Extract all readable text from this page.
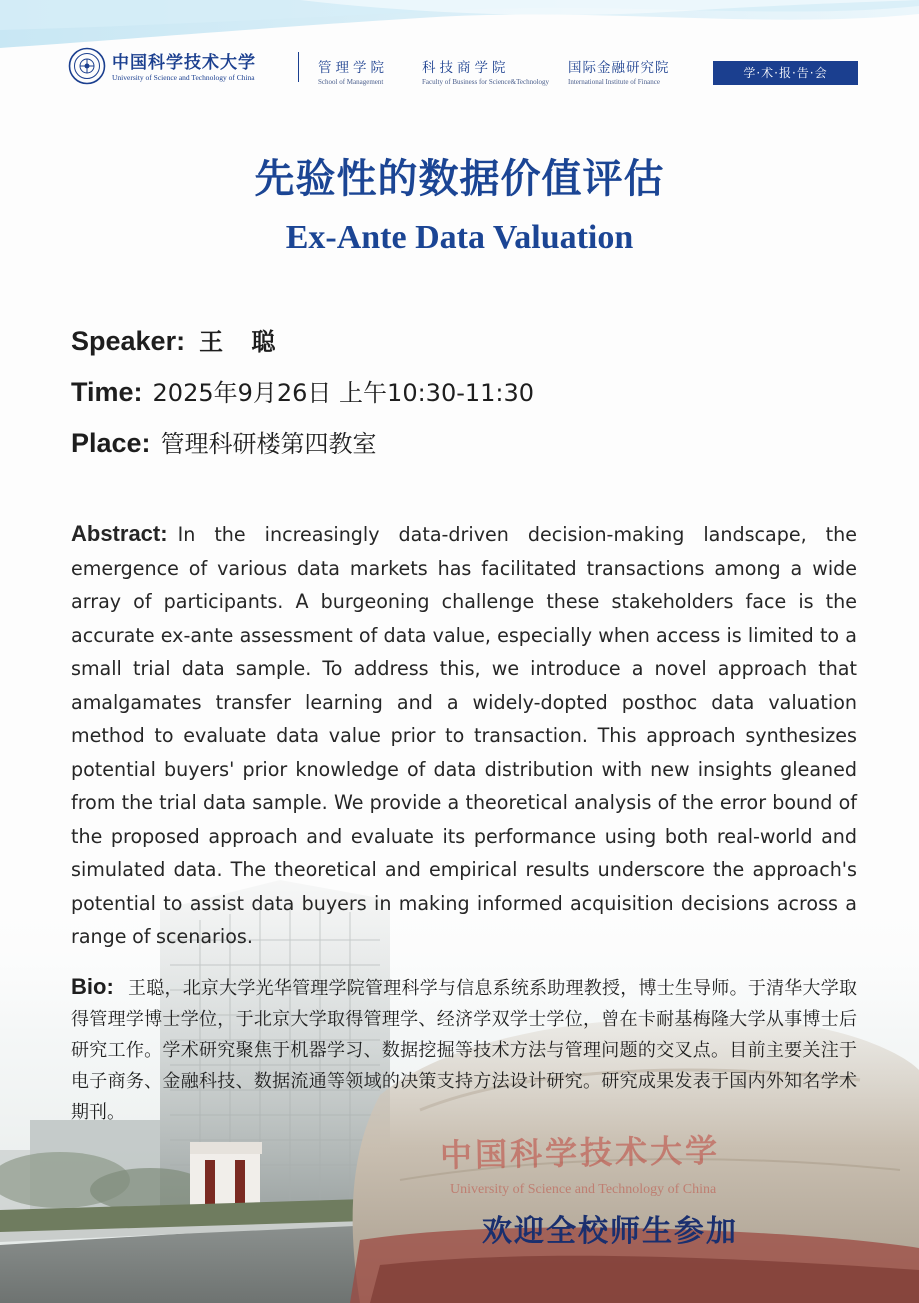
中国科学技术大学
University of Science and Technology of China
管理学院
School of Management
科技商学院
Faculty of Business for Science&Technology
国际金融研究院
International Institute of Finance
学·术·报·告·会
先验性的数据价值评估
Ex-Ante Data Valuation
Speaker: 王 聪
Time: 2025年9月26日 上午10:30-11:30
Place: 管理科研楼第四教室
Abstract: In the increasingly data-driven decision-making landscape, the emergence of various data markets has facilitated transactions among a wide array of participants. A burgeoning challenge these stakeholders face is the accurate ex-ante assessment of data value, especially when access is limited to a small trial data sample. To address this, we introduce a novel approach that amalgamates transfer learning and a widely-dopted posthoc data valuation method to evaluate data value prior to transaction. This approach synthesizes potential buyers' prior knowledge of data distribution with new insights gleaned from the trial data sample. We provide a theoretical analysis of the error bound of the proposed approach and evaluate its performance using both real-world and simulated data. The theoretical and empirical results underscore the approach's potential to assist data buyers in making informed acquisition decisions across a range of scenarios.
Bio: 王聪，北京大学光华管理学院管理科学与信息系统系助理教授，博士生导师。于清华大学取得管理学博士学位，于北京大学取得管理学、经济学双学士学位，曾在卡耐基梅隆大学从事博士后研究工作。学术研究聚焦于机器学习、数据挖掘等技术方法与管理问题的交叉点。目前主要关注于电子商务、金融科技、数据流通等领域的决策支持方法设计研究。研究成果发表于国内外知名学术期刊。
中国科学技术大学
University of Science and Technology of China
欢迎全校师生参加
